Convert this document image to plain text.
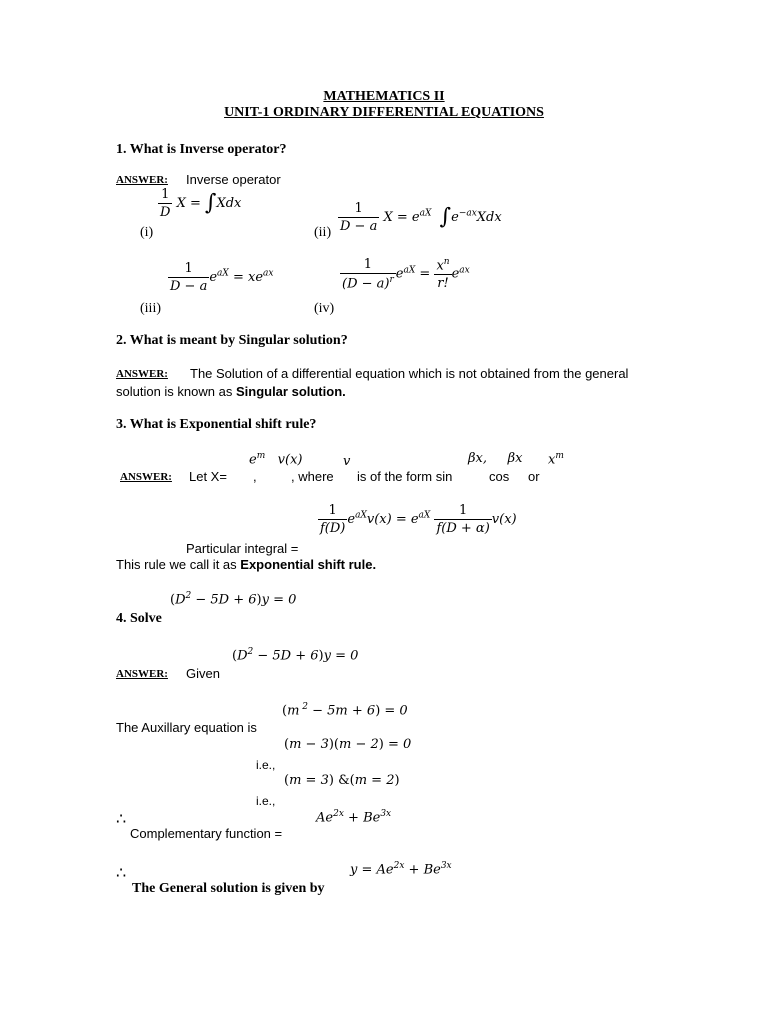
MATHEMATICS II
UNIT-1 ORDINARY DIFFERENTIAL EQUATIONS
1. What is Inverse operator?
ANSWER: Inverse operator
$\frac{1}{D}$ X = ∫Xdx
(i)	$\frac{1}{D - a}$ $X = e^{aX}$ $\int e^{-ax}Xdx$
(ii)
$\frac{1}{D - a} e^{aX} = xe^{ax}$
(iii)
$\frac{1}{(D - a)^r} e^{aX} = \frac{x^n}{r!} e^{ax}$
(iv)
2. What is meant by Singular solution?
ANSWER: The Solution of a differential equation which is not obtained from the general
solution is known as Singular solution.
3. What is Exponential shift rule?
$e^m$   v(x)	v	βx,     βx $x^m$
ANSWER: Let X= ,	, where is of the form sin	cos or
$\frac{1}{f(D)} e^{aX}v(x) = e^{aX} \frac{1}{f(D + \alpha)} v(x)$
Particular integral =
This rule we call it as Exponential shift rule.
$(D^2 - 5D + 6)y = 0$
4. Solve
$(D^2 - 5D + 6)y = 0$
ANSWER: Given
(m $^2$ − 5m + 6) = 0
The Auxillary equation is
(m − 3)(m − 2) = 0
i.e.,
(m = 3) &(m = 2)
i.e.,
$Ae^{2x} + Be^{3x}$
∴
Complementary function =
$y = Ae^{2x} + Be^{3x}$
∴
The General solution is given by
